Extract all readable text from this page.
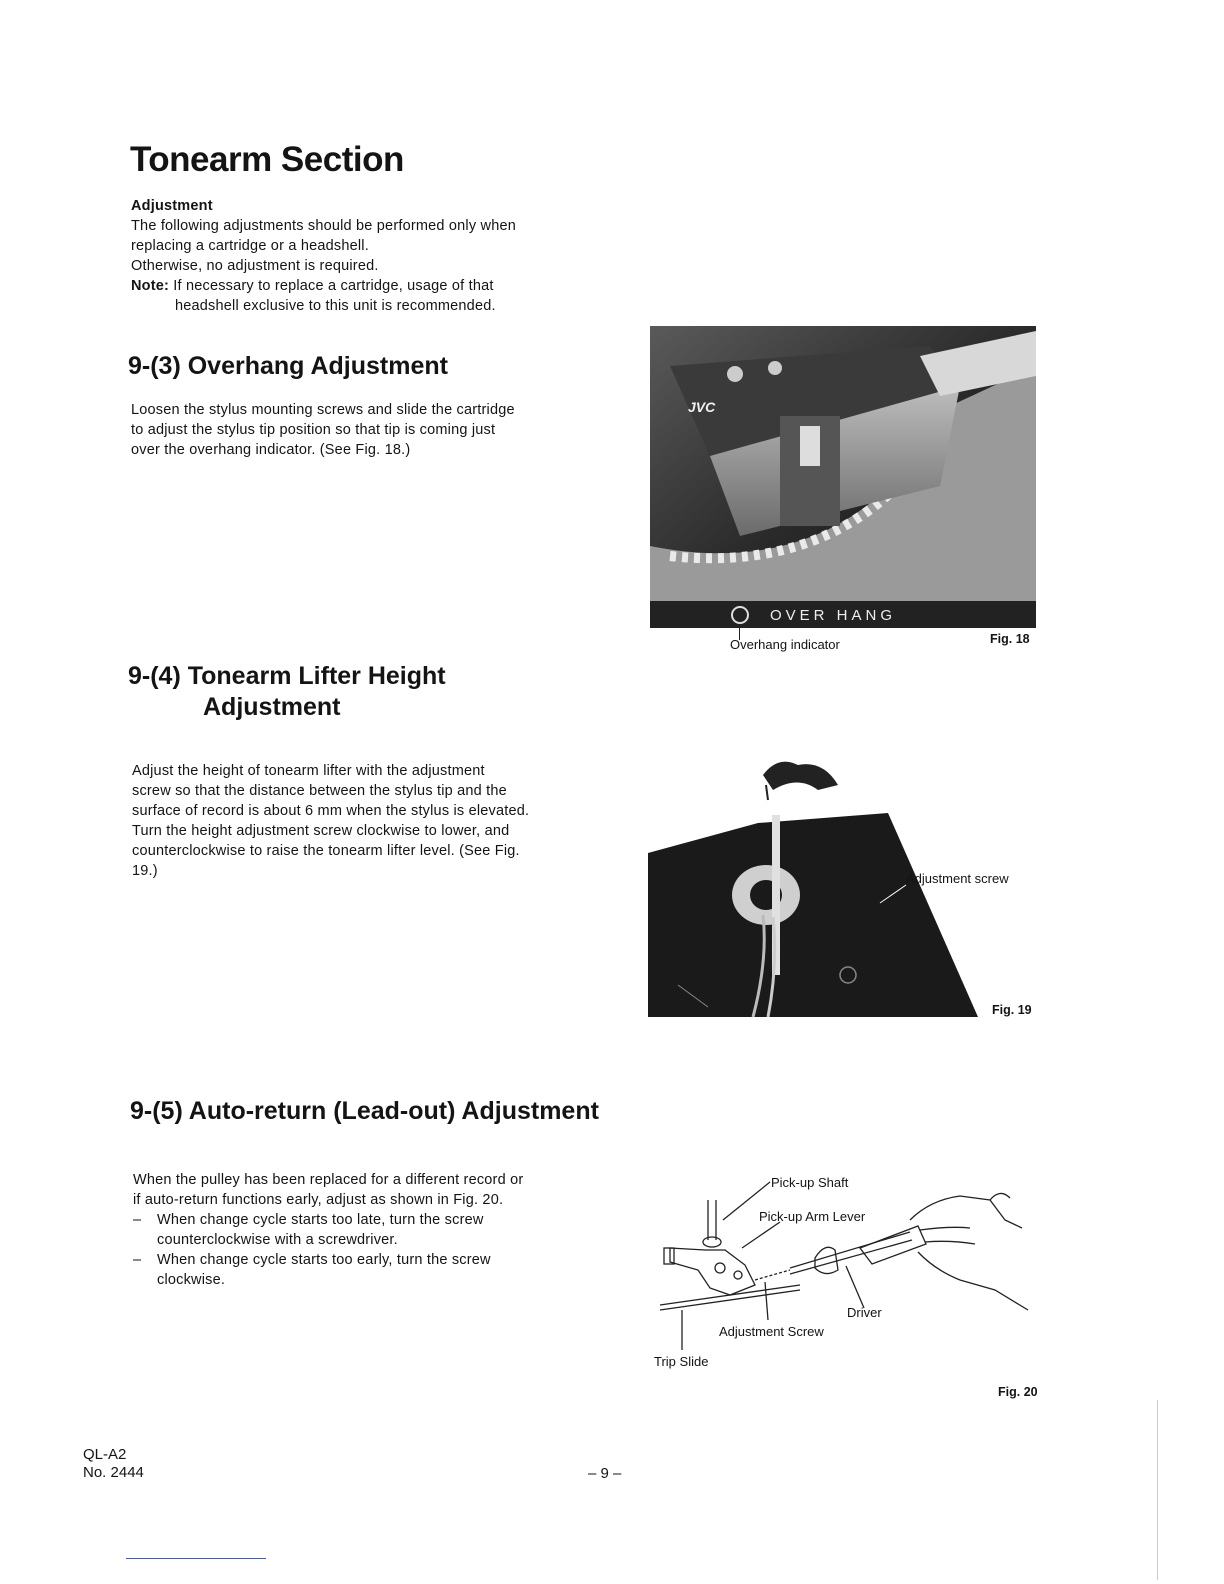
Tonearm Section
Adjustment
The following adjustments should be performed only when
replacing a cartridge or a headshell.
Otherwise, no adjustment is required.
Note: If necessary to replace a cartridge, usage of that
headshell exclusive to this unit is recommended.
9-(3) Overhang Adjustment
Loosen the stylus mounting screws and slide the cartridge
to adjust the stylus tip position so that tip is coming just
over the overhang indicator. (See Fig. 18.)
OVER HANG
JVC
Overhang indicator	Fig. 18
9-(4) Tonearm Lifter Height
Adjustment
Adjust the height of tonearm lifter with the adjustment
screw so that the distance between the stylus tip and the
surface of record is about 6 mm when the stylus is elevated.
Turn the height adjustment screw clockwise to lower, and
counterclockwise to raise the tonearm lifter level. (See Fig.
19.)	Adjustment screw
Fig. 19
9-(5) Auto-return (Lead-out) Adjustment
When the pulley has been replaced for a different record or
if auto-return functions early, adjust as shown in Fig. 20.
–	When change cycle starts too late, turn the screw
counterclockwise with a screwdriver.
–	When change cycle starts too early, turn the screw
clockwise.
Pick-up Shaft
Pick-up Arm Lever
Driver
Adjustment Screw
Trip Slide
Fig. 20
QL-A2
No. 2444	– 9 –
